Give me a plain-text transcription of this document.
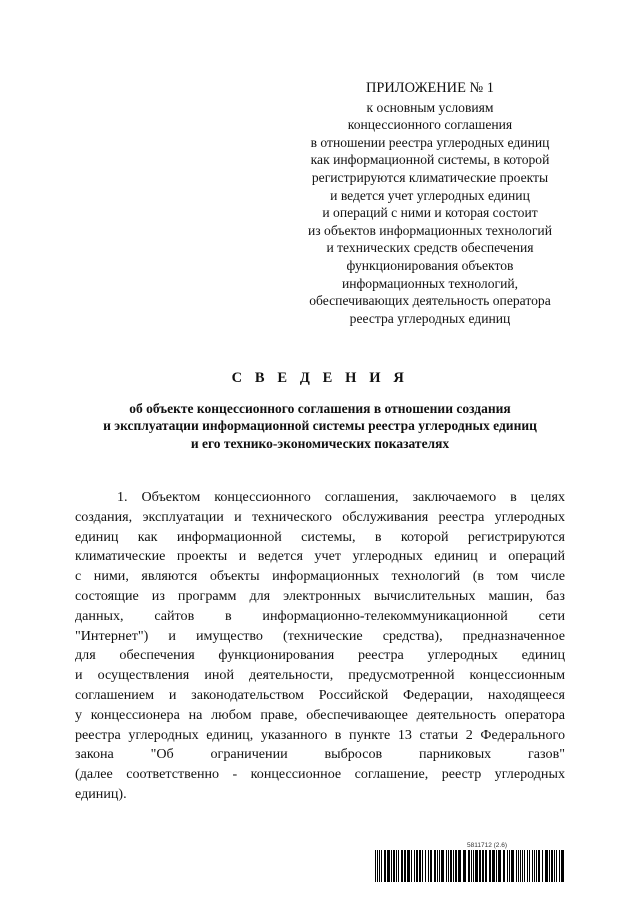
ПРИЛОЖЕНИЕ № 1
к основным условиям
концессионного соглашения
в отношении реестра углеродных единиц
как информационной системы, в которой
регистрируются климатические проекты
и ведется учет углеродных единиц
и операций с ними и которая состоит
из объектов информационных технологий
и технических средств обеспечения
функционирования объектов
информационных технологий,
обеспечивающих деятельность оператора
реестра углеродных единиц
С В Е Д Е Н И Я
об объекте концессионного соглашения в отношении создания
и эксплуатации информационной системы реестра углеродных единиц
и его технико-экономических показателях
1. Объектом концессионного соглашения, заключаемого в целях
создания, эксплуатации и технического обслуживания реестра углеродных
единиц как информационной системы, в которой регистрируются
климатические проекты и ведется учет углеродных единиц и операций
с ними, являются объекты информационных технологий (в том числе
состоящие из программ для электронных вычислительных машин, баз
данных, сайтов в информационно-телекоммуникационной сети
"Интернет") и имущество (технические средства), предназначенное
для обеспечения функционирования реестра углеродных единиц
и осуществления иной деятельности, предусмотренной концессионным
соглашением и законодательством Российской Федерации, находящееся
у концессионера на любом праве, обеспечивающее деятельность оператора
реестра углеродных единиц, указанного в пункте 13 статьи 2 Федерального
закона "Об ограничении выбросов парниковых газов"
(далее соответственно - концессионное соглашение, реестр углеродных
единиц).
5811712 (2.6)
